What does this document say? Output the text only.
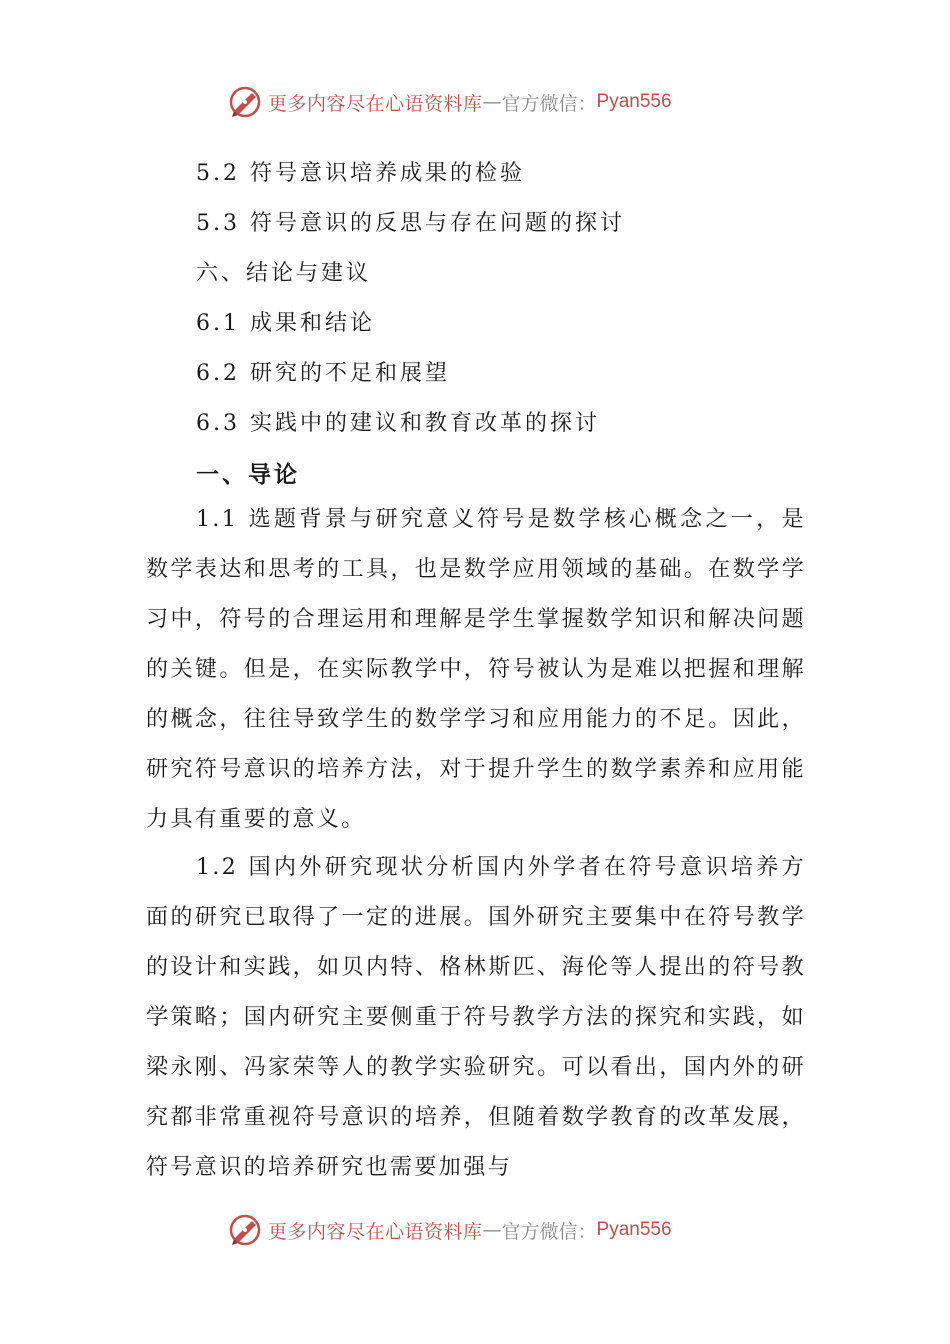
更多内容尽在心语资料库 — 官方微信： Pyan556
5.2 符号意识培养成果的检验
5.3 符号意识的反思与存在问题的探讨
六、结论与建议
6.1 成果和结论
6.2 研究的不足和展望
6.3 实践中的建议和教育改革的探讨
一、导论

1.1 选题背景与研究意义符号是数学核心概念之一，是数学表达和思考的工具，也是数学应用领域的基础。在数学学习中，符号的合理运用和理解是学生掌握数学知识和解决问题的关键。但是，在实际教学中，符号被认为是难以把握和理解的概念，往往导致学生的数学学习和应用能力的不足。因此，研究符号意识的培养方法，对于提升学生的数学素养和应用能力具有重要的意义。

1.2 国内外研究现状分析国内外学者在符号意识培养方面的研究已取得了一定的进展。国外研究主要集中在符号教学的设计和实践，如贝内特、格林斯匹、海伦等人提出的符号教学策略；国内研究主要侧重于符号教学方法的探究和实践，如梁永刚、冯家荣等人的教学实验研究。可以看出，国内外的研究都非常重视符号意识的培养，但随着数学教育的改革发展，符号意识的培养研究也需要加强与

更多内容尽在心语资料库 — 官方微信： Pyan556
